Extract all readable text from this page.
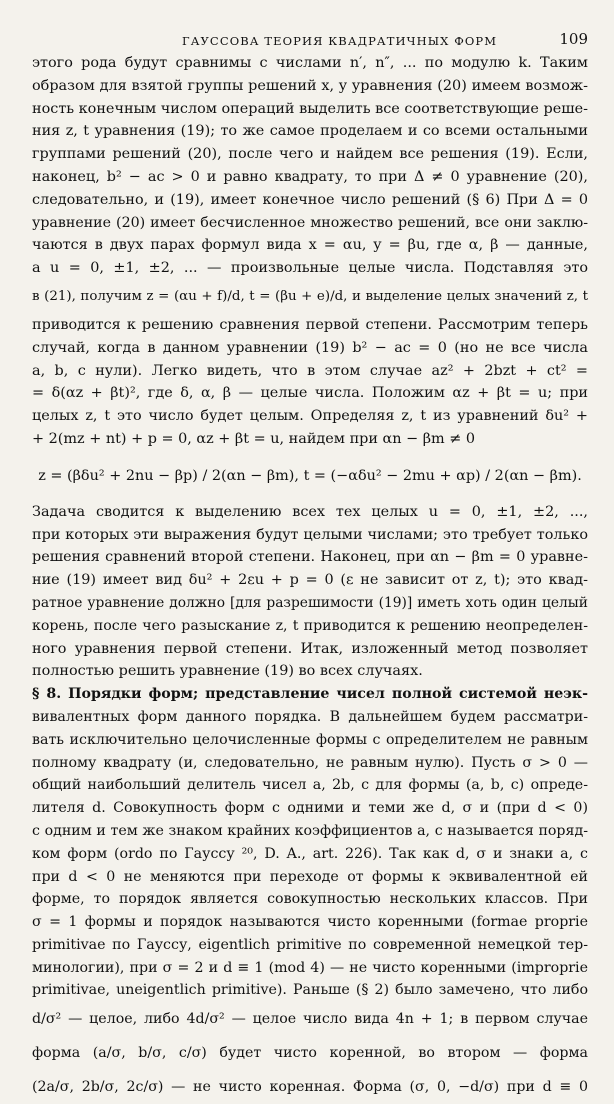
ГАУССОВА ТЕОРИЯ КВАДРАТИЧНЫХ ФОРМ	109
этого рода будут сравнимы с числами n′, n″, ... по модулю k. Таким
образом для взятой группы решений x, y уравнения (20) имеем возмож-
ность конечным числом операций выделить все соответствующие реше-
ния z, t уравнения (19); то же самое проделаем и со всеми остальными
группами решений (20), после чего и найдем все решения (19). Если,
наконец, b² − ac > 0 и равно квадрату, то при Δ ≠ 0 уравнение (20),
следовательно, и (19), имеет конечное число решений (§ 6) При Δ = 0
уравнение (20) имеет бесчисленное множество решений, все они заклю-
чаются в двух парах формул вида x = αu, y = βu, где α, β — данные,
a u = 0, ±1, ±2, ... — произвольные целые числа. Подставляя это
в (21), получим z = (αu + f)/d, t = (βu + e)/d, и выделение целых значений z, t
приводится к решению сравнения первой степени. Рассмотрим теперь
случай, когда в данном уравнении (19) b² − ac = 0 (но не все числа
a, b, c нули). Легко видеть, что в этом случае az² + 2bzt + ct² =
= δ(αz + βt)², где δ, α, β — целые числа. Положим αz + βt = u; при
целых z, t это число будет целым. Определяя z, t из уравнений δu² +
+ 2(mz + nt) + p = 0, αz + βt = u, найдем при αn − βm ≠ 0
z = (βδu² + 2nu − βp) / 2(αn − βm), t = (−αδu² − 2mu + αp) / 2(αn − βm).
Задача сводится к выделению всех тех целых u = 0, ±1, ±2, ...,
при которых эти выражения будут целыми числами; это требует только
решения сравнений второй степени. Наконец, при αn − βm = 0 уравне-
ние (19) имеет вид δu² + 2εu + p = 0 (ε не зависит от z, t); это квад-
ратное уравнение должно [для разрешимости (19)] иметь хоть один целый
корень, после чего разыскание z, t приводится к решению неопределен-
ного уравнения первой степени. Итак, изложенный метод позволяет
полностью решить уравнение (19) во всех случаях.
§ 8. Порядки форм; представление чисел полной системой неэк-
вивалентных форм данного порядка. В дальнейшем будем рассматри-
вать исключительно целочисленные формы с определителем не равным
полному квадрату (и, следовательно, не равным нулю). Пусть σ > 0 —
общий наибольший делитель чисел a, 2b, c для формы (a, b, c) опреде-
лителя d. Совокупность форм с одними и теми же d, σ и (при d < 0)
с одним и тем же знаком крайних коэффициентов a, c называется поряд-
ком форм (ordo по Гауссу ²⁰, D. A., art. 226). Так как d, σ и знаки a, c
при d < 0 не меняются при переходе от формы к эквивалентной ей
форме, то порядок является совокупностью нескольких классов. При
σ = 1 формы и порядок называются чисто коренными (formae proprie
primitivae по Гауссу, eigentlich primitive по современной немецкой тер-
минологии), при σ = 2 и d ≡ 1 (mod 4) — не чисто коренными (improprie
primitivae, uneigentlich primitive). Раньше (§ 2) было замечено, что либо
d/σ² — целое, либо 4d/σ² — целое число вида 4n + 1; в первом случае
форма (a/σ, b/σ, c/σ) будет чисто коренной, во втором — форма
(2a/σ, 2b/σ, 2c/σ) — не чисто коренная. Форма (σ, 0, −d/σ) при d ≡ 0
